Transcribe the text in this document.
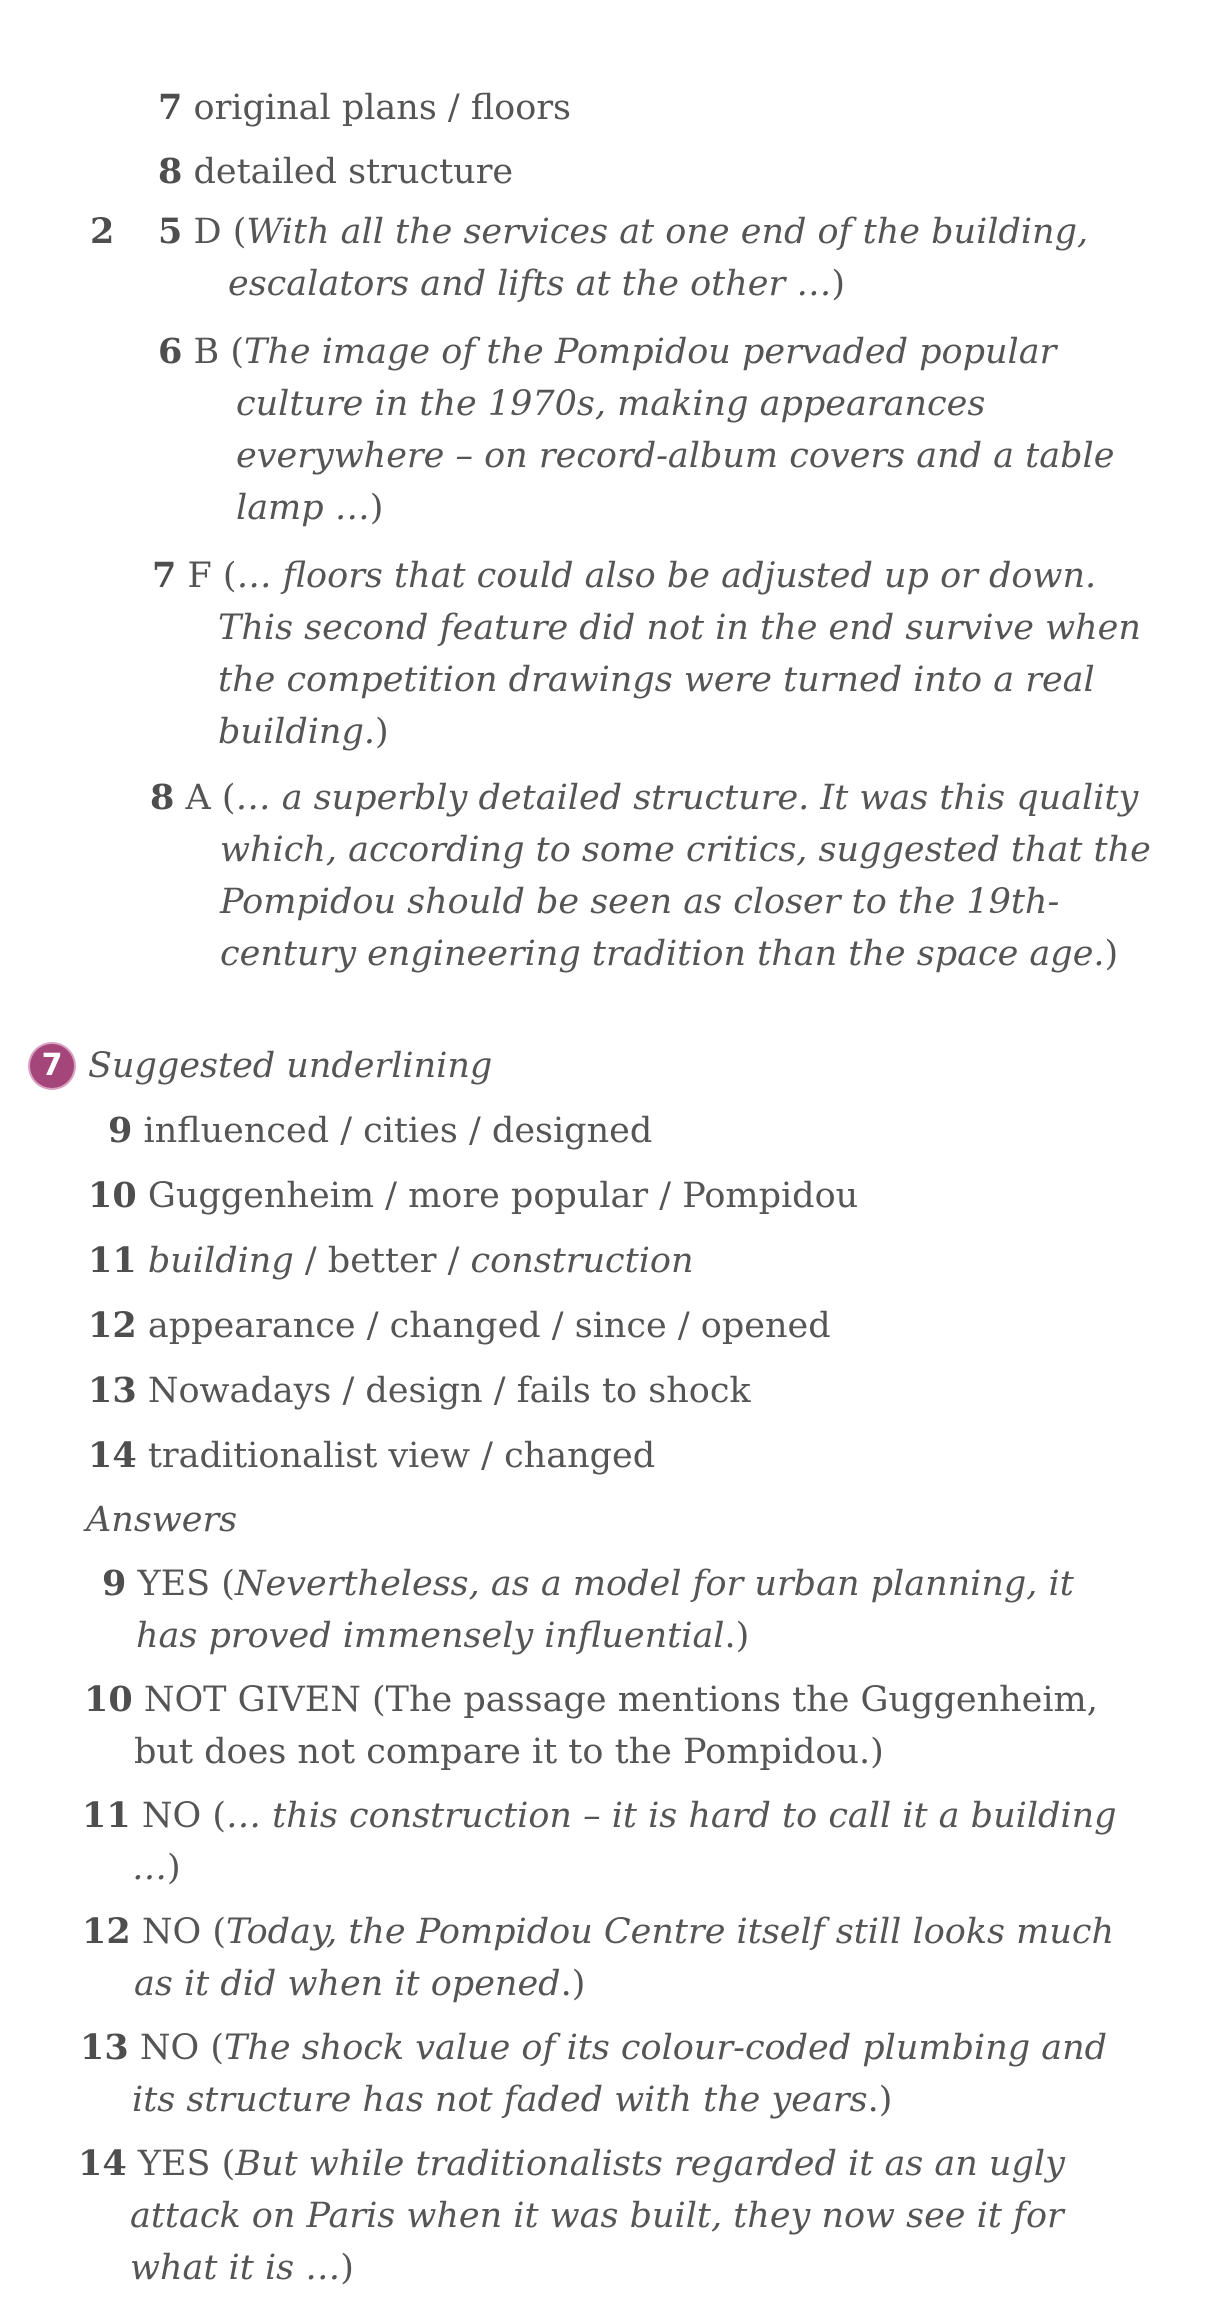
7 original plans / floors

8 detailed structure

2 5 D (With all the services at one end of the building, escalators and lifts at the other …)

6 B (The image of the Pompidou pervaded popular culture in the 1970s, making appearances everywhere – on record-album covers and a table lamp …)

7 F (… floors that could also be adjusted up or down. This second feature did not in the end survive when the competition drawings were turned into a real building.)

8 A (… a superbly detailed structure. It was this quality which, according to some critics, suggested that the Pompidou should be seen as closer to the 19th-century engineering tradition than the space age.)

7 Suggested underlining

9 influenced / cities / designed

10 Guggenheim / more popular / Pompidou

11 building / better / construction

12 appearance / changed / since / opened

13 Nowadays / design / fails to shock

14 traditionalist view / changed

Answers

9 YES (Nevertheless, as a model for urban planning, it has proved immensely influential.)

10 NOT GIVEN (The passage mentions the Guggenheim, but does not compare it to the Pompidou.)

11 NO (… this construction – it is hard to call it a building …)

12 NO (Today, the Pompidou Centre itself still looks much as it did when it opened.)

13 NO (The shock value of its colour-coded plumbing and its structure has not faded with the years.)

14 YES (But while traditionalists regarded it as an ugly attack on Paris when it was built, they now see it for what it is …)
